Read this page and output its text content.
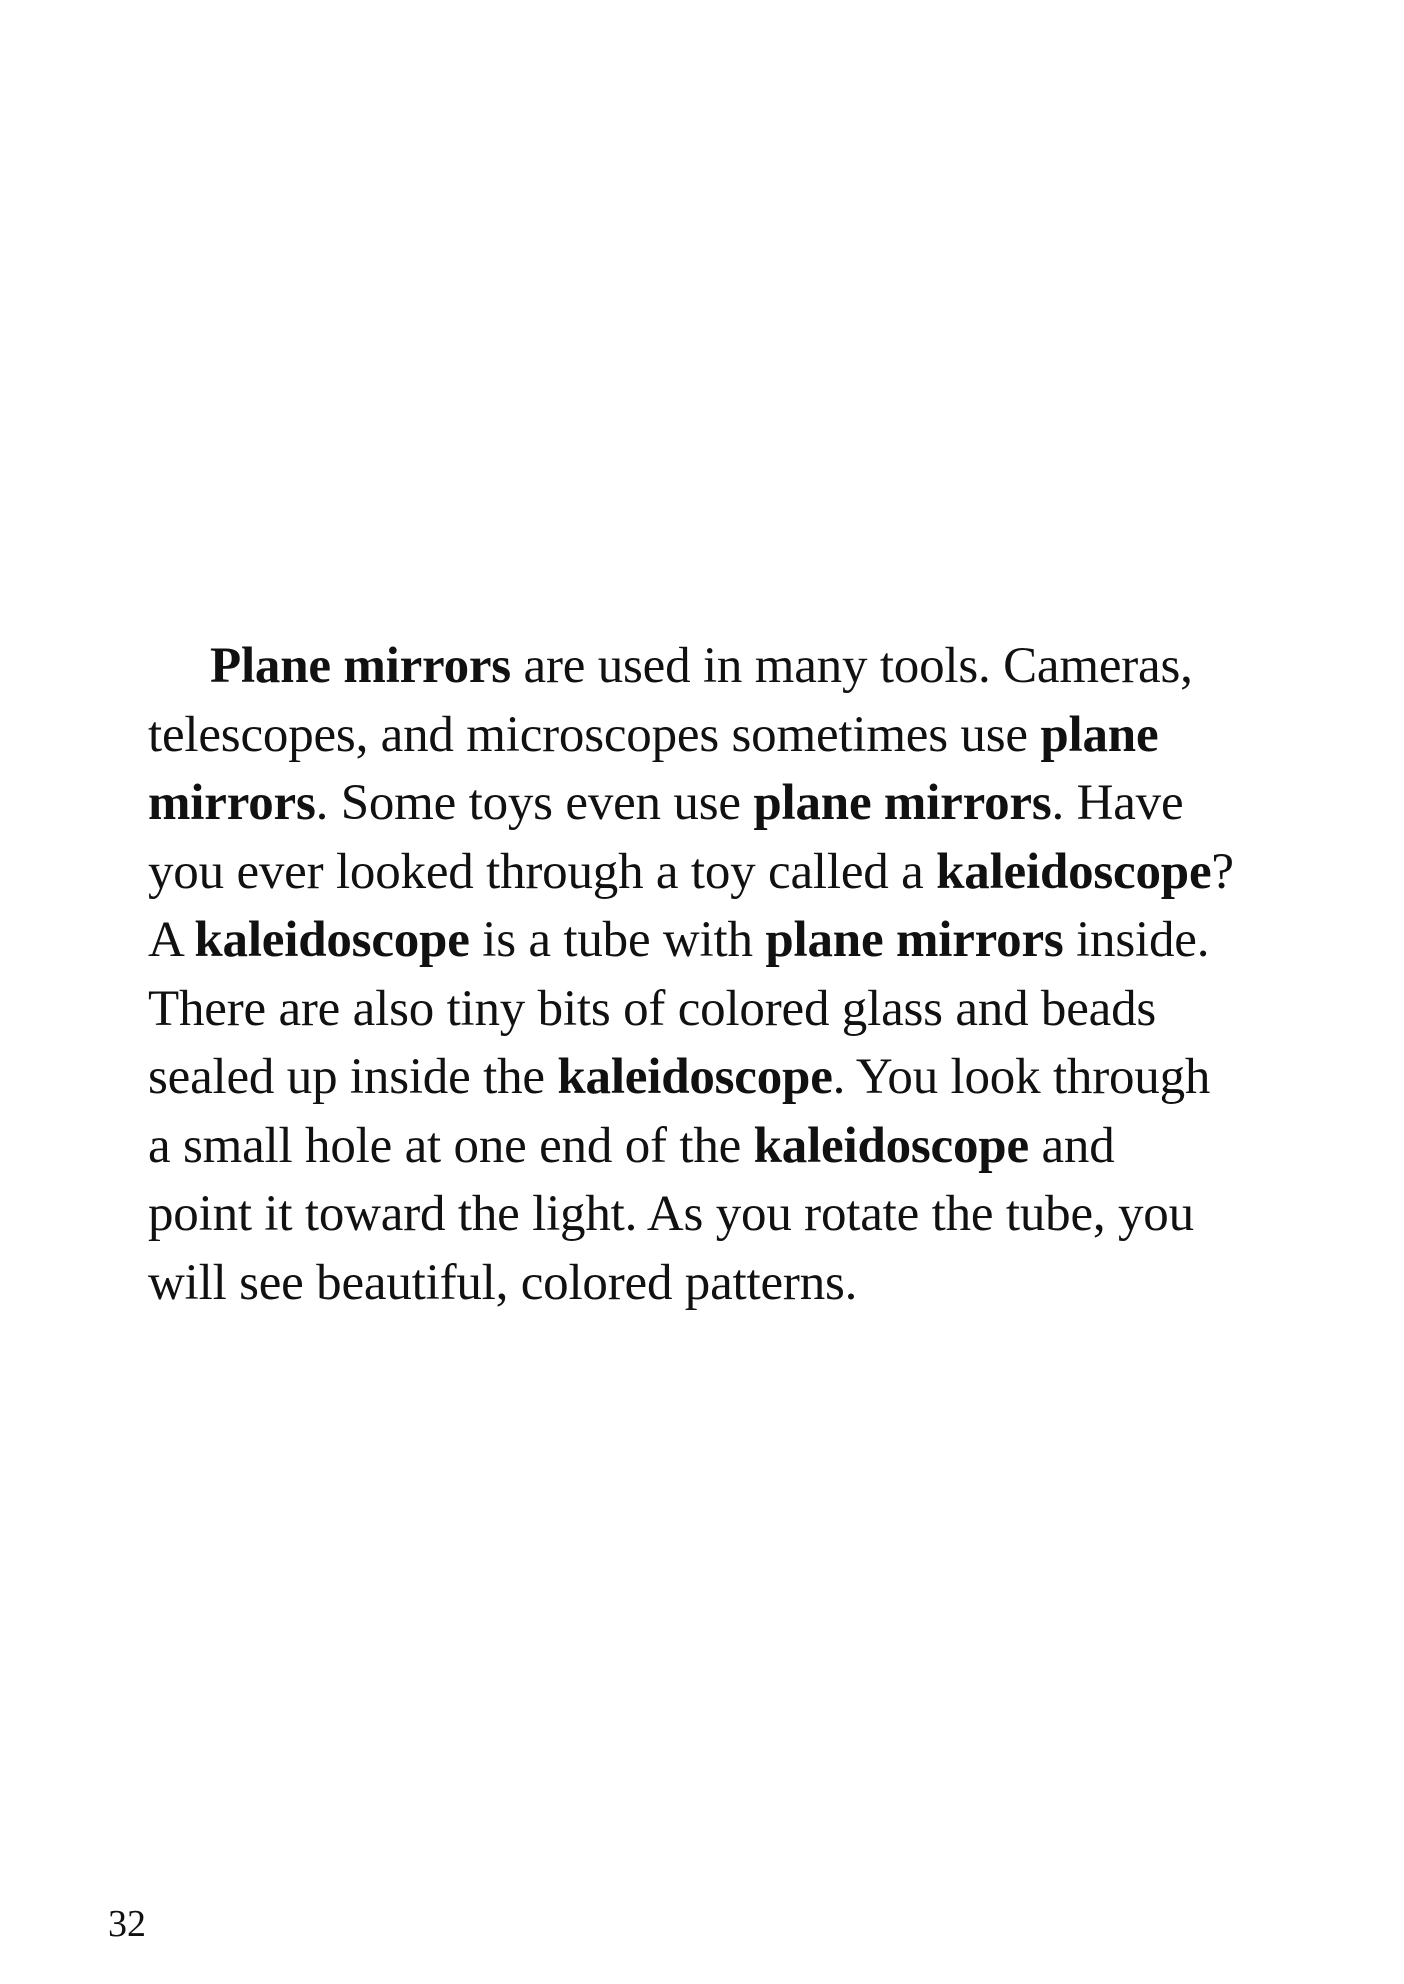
Plane mirrors are used in many tools. Cameras,
telescopes, and microscopes sometimes use plane
mirrors. Some toys even use plane mirrors. Have
you ever looked through a toy called a kaleidoscope?
A kaleidoscope is a tube with plane mirrors inside.
There are also tiny bits of colored glass and beads
sealed up inside the kaleidoscope. You look through
a small hole at one end of the kaleidoscope and
point it toward the light. As you rotate the tube, you
will see beautiful, colored patterns.

32
